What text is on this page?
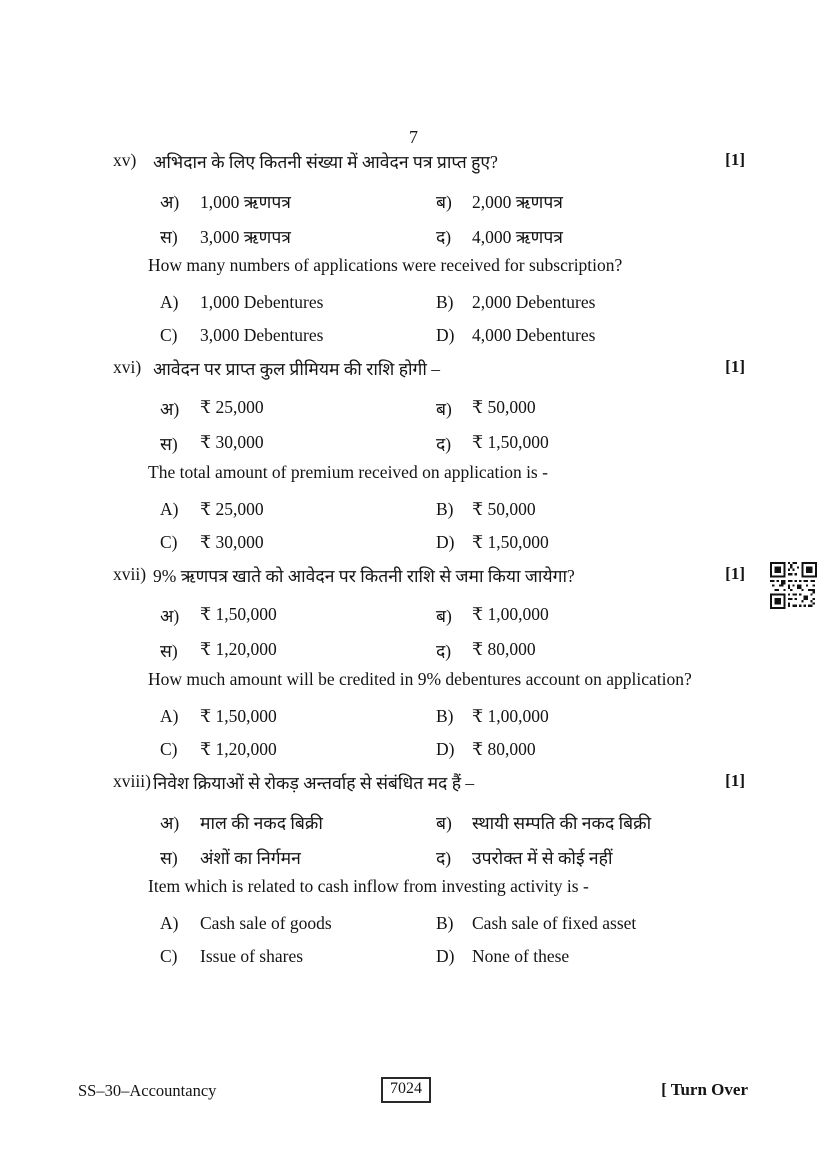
7
xv) अभिदान के लिए कितनी संख्या में आवेदन पत्र प्राप्त हुए?	[1]
अ) 1,000 ऋणपत्र	ब) 2,000 ऋणपत्र
स) 3,000 ऋणपत्र	द) 4,000 ऋणपत्र
How many numbers of applications were received for subscription?
A) 1,000 Debentures	B) 2,000 Debentures
C) 3,000 Debentures	D) 4,000 Debentures
xvi) आवेदन पर प्राप्त कुल प्रीमियम की राशि होगी –	[1]
अ) ₹ 25,000	ब) ₹ 50,000
स) ₹ 30,000	द) ₹ 1,50,000
The total amount of premium received on application is -
A) ₹ 25,000	B) ₹ 50,000
C) ₹ 30,000	D) ₹ 1,50,000
xvii) 9% ऋणपत्र खाते को आवेदन पर कितनी राशि से जमा किया जायेगा?	[1]
अ) ₹ 1,50,000	ब) ₹ 1,00,000
स) ₹ 1,20,000	द) ₹ 80,000
How much amount will be credited in 9% debentures account on application?
A) ₹ 1,50,000	B) ₹ 1,00,000
C) ₹ 1,20,000	D) ₹ 80,000
xviii) निवेश क्रियाओं से रोकड़ अन्तर्वाह से संबंधित मद हैं –	[1]
अ) माल की नकद बिक्री	ब) स्थायी सम्पति की नकद बिक्री
स) अंशों का निर्गमन	द) उपरोक्त में से कोई नहीं
Item which is related to cash inflow from investing activity is -
A) Cash sale of goods	B) Cash sale of fixed asset
C) Issue of shares	D) None of these
SS–30–Accountancy	7024	[ Turn Over
